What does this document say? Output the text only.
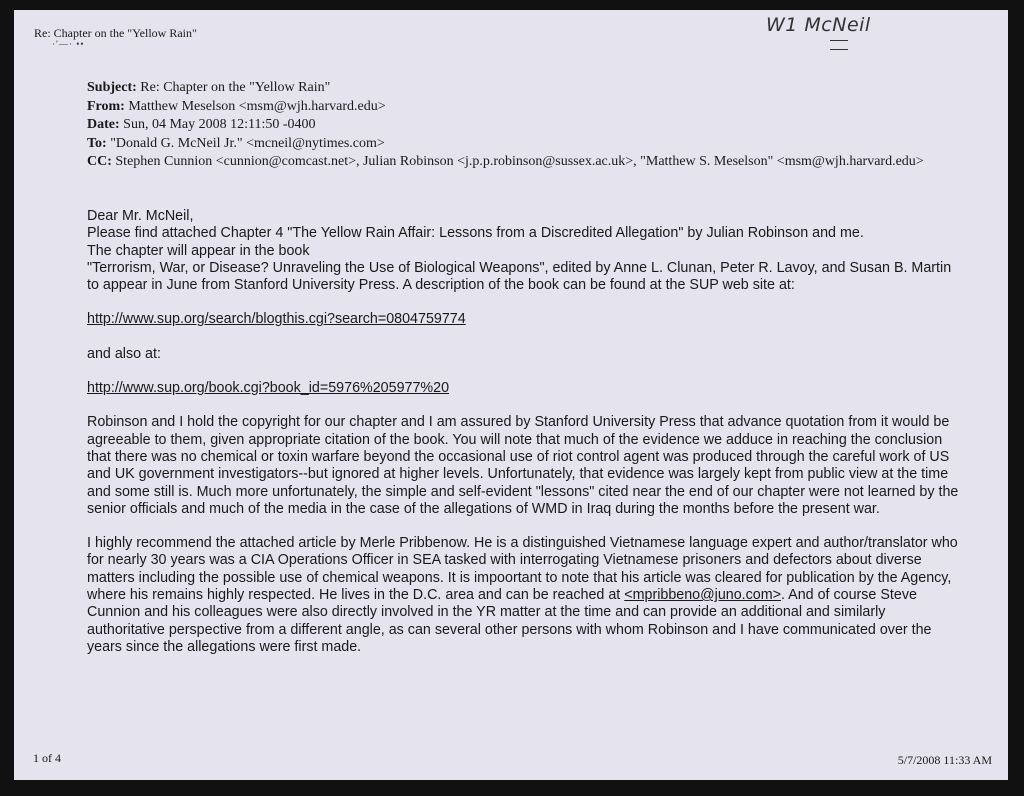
Re: Chapter on the "Yellow Rain"
·′—· ••
W1 McNeil
Subject: Re: Chapter on the "Yellow Rain"
From: Matthew Meselson <msm@wjh.harvard.edu>
Date: Sun, 04 May 2008 12:11:50 -0400
To: "Donald G. McNeil Jr." <mcneil@nytimes.com>
CC: Stephen Cunnion <cunnion@comcast.net>, Julian Robinson <j.p.p.robinson@sussex.ac.uk>, "Matthew S. Meselson" <msm@wjh.harvard.edu>

Dear Mr. McNeil,

Please find attached Chapter 4 "The Yellow Rain Affair: Lessons from a Discredited Allegation" by Julian Robinson and me.

The chapter will appear in the book

"Terrorism, War, or Disease? Unraveling the Use of Biological Weapons", edited by Anne L. Clunan, Peter R. Lavoy, and Susan B. Martin to appear in June from Stanford University Press. A description of the book can be found at the SUP web site at:

http://www.sup.org/search/blogthis.cgi?search=0804759774

and also at:

http://www.sup.org/book.cgi?book_id=5976%205977%20

Robinson and I hold the copyright for our chapter and I am assured by Stanford University Press that advance quotation from it would be agreeable to them, given appropriate citation of the book. You will note that much of the evidence we adduce in reaching the conclusion that there was no chemical or toxin warfare beyond the occasional use of riot control agent was produced through the careful work of US and UK government investigators--but ignored at higher levels. Unfortunately, that evidence was largely kept from public view at the time and some still is. Much more unfortunately, the simple and self-evident "lessons" cited near the end of our chapter were not learned by the senior officials and much of the media in the case of the allegations of WMD in Iraq during the months before the present war.

I highly recommend the attached article by Merle Pribbenow. He is a distinguished Vietnamese language expert and author/translator who for nearly 30 years was a CIA Operations Officer in SEA tasked with interrogating Vietnamese prisoners and defectors about diverse matters including the possible use of chemical weapons. It is impoortant to note that his article was cleared for publication by the Agency, where his remains highly respected. He lives in the D.C. area and can be reached at <mpribbeno@juno.com>. And of course Steve Cunnion and his colleagues were also directly involved in the YR matter at the time and can provide an additional and similarly authoritative perspective from a different angle, as can several other persons with whom Robinson and I have communicated over the years since the allegations were first made.

1 of 4	5/7/2008 11:33 AM
